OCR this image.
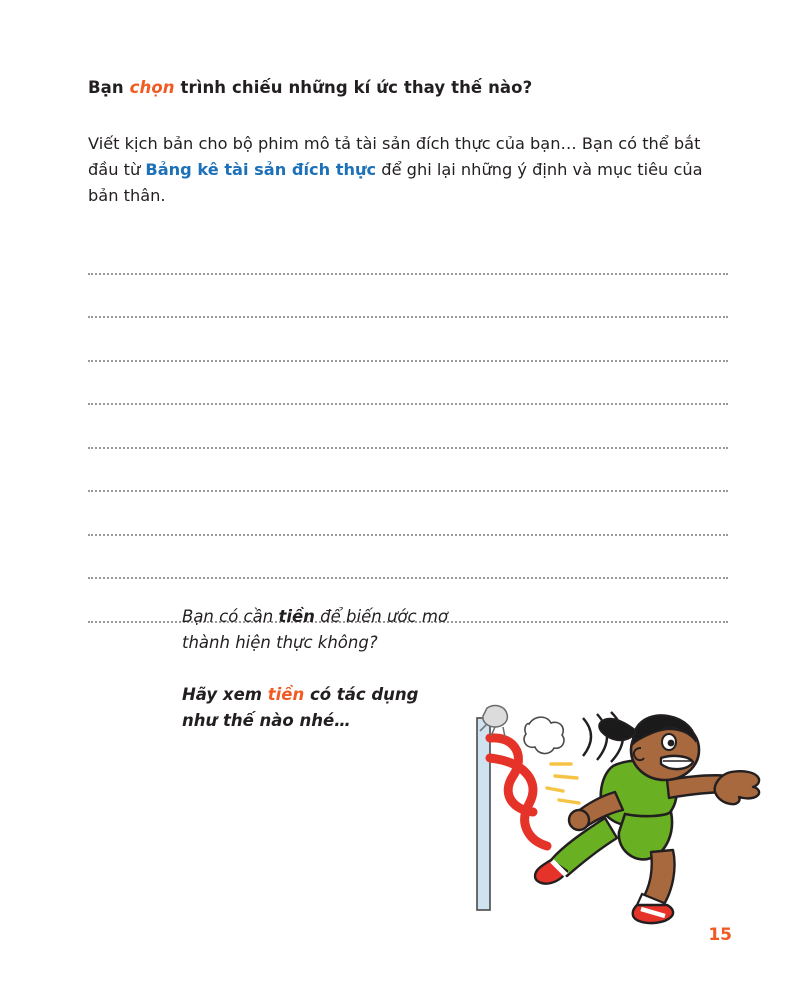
Bạn chọn trình chiếu những kí ức thay thế nào?

Viết kịch bản cho bộ phim mô tả tài sản đích thực của bạn… Bạn có thể bắt đầu từ Bảng kê tài sản đích thực để ghi lại những ý định và mục tiêu của bản thân.

Bạn có cần tiền để biến ước mơ
thành hiện thực không?

Hãy xem tiền có tác dụng
như thế nào nhé…

15
